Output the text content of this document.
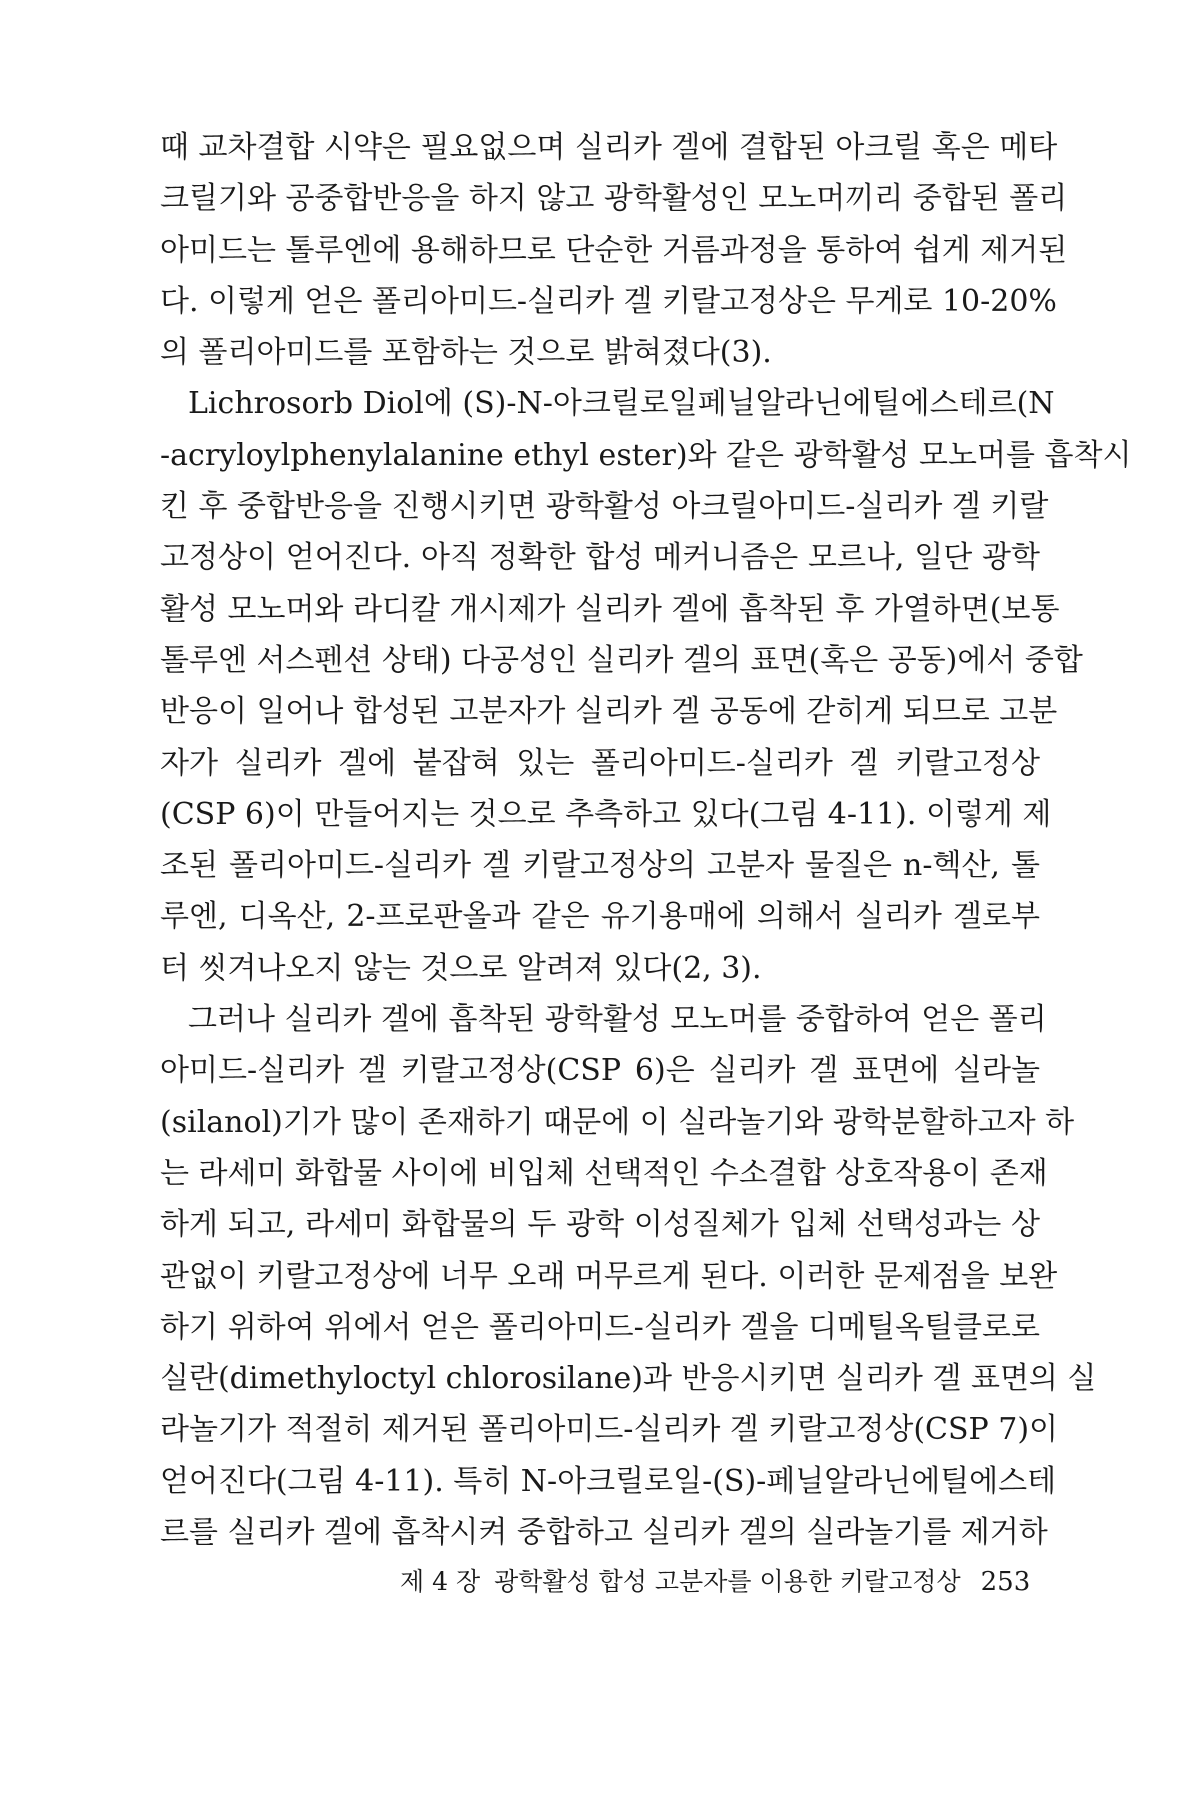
때 교차결합 시약은 필요없으며 실리카 겔에 결합된 아크릴 혹은 메타
크릴기와 공중합반응을 하지 않고 광학활성인 모노머끼리 중합된 폴리
아미드는 톨루엔에 용해하므로 단순한 거름과정을 통하여 쉽게 제거된
다. 이렇게 얻은 폴리아미드-실리카 겔 키랄고정상은 무게로 10-20%
의 폴리아미드를 포함하는 것으로 밝혀졌다(3).
Lichrosorb Diol에 (S)-N-아크릴로일페닐알라닌에틸에스테르(N
-acryloylphenylalanine ethyl ester)와 같은 광학활성 모노머를 흡착시
킨 후 중합반응을 진행시키면 광학활성 아크릴아미드-실리카 겔 키랄
고정상이 얻어진다. 아직 정확한 합성 메커니즘은 모르나, 일단 광학
활성 모노머와 라디칼 개시제가 실리카 겔에 흡착된 후 가열하면(보통
톨루엔 서스펜션 상태) 다공성인 실리카 겔의 표면(혹은 공동)에서 중합
반응이 일어나 합성된 고분자가 실리카 겔 공동에 갇히게 되므로 고분
자가 실리카 겔에 붙잡혀 있는 폴리아미드-실리카 겔 키랄고정상
(CSP 6)이 만들어지는 것으로 추측하고 있다(그림 4-11). 이렇게 제
조된 폴리아미드-실리카 겔 키랄고정상의 고분자 물질은 n-헥산, 톨
루엔, 디옥산, 2-프로판올과 같은 유기용매에 의해서 실리카 겔로부
터 씻겨나오지 않는 것으로 알려져 있다(2, 3).
그러나 실리카 겔에 흡착된 광학활성 모노머를 중합하여 얻은 폴리
아미드-실리카 겔 키랄고정상(CSP 6)은 실리카 겔 표면에 실라놀
(silanol)기가 많이 존재하기 때문에 이 실라놀기와 광학분할하고자 하
는 라세미 화합물 사이에 비입체 선택적인 수소결합 상호작용이 존재
하게 되고, 라세미 화합물의 두 광학 이성질체가 입체 선택성과는 상
관없이 키랄고정상에 너무 오래 머무르게 된다. 이러한 문제점을 보완
하기 위하여 위에서 얻은 폴리아미드-실리카 겔을 디메틸옥틸클로로
실란(dimethyloctyl chlorosilane)과 반응시키면 실리카 겔 표면의 실
라놀기가 적절히 제거된 폴리아미드-실리카 겔 키랄고정상(CSP 7)이
얻어진다(그림 4-11). 특히 N-아크릴로일-(S)-페닐알라닌에틸에스테
르를 실리카 겔에 흡착시켜 중합하고 실리카 겔의 실라놀기를 제거하
제 4 장 광학활성 합성 고분자를 이용한 키랄고정상 253
